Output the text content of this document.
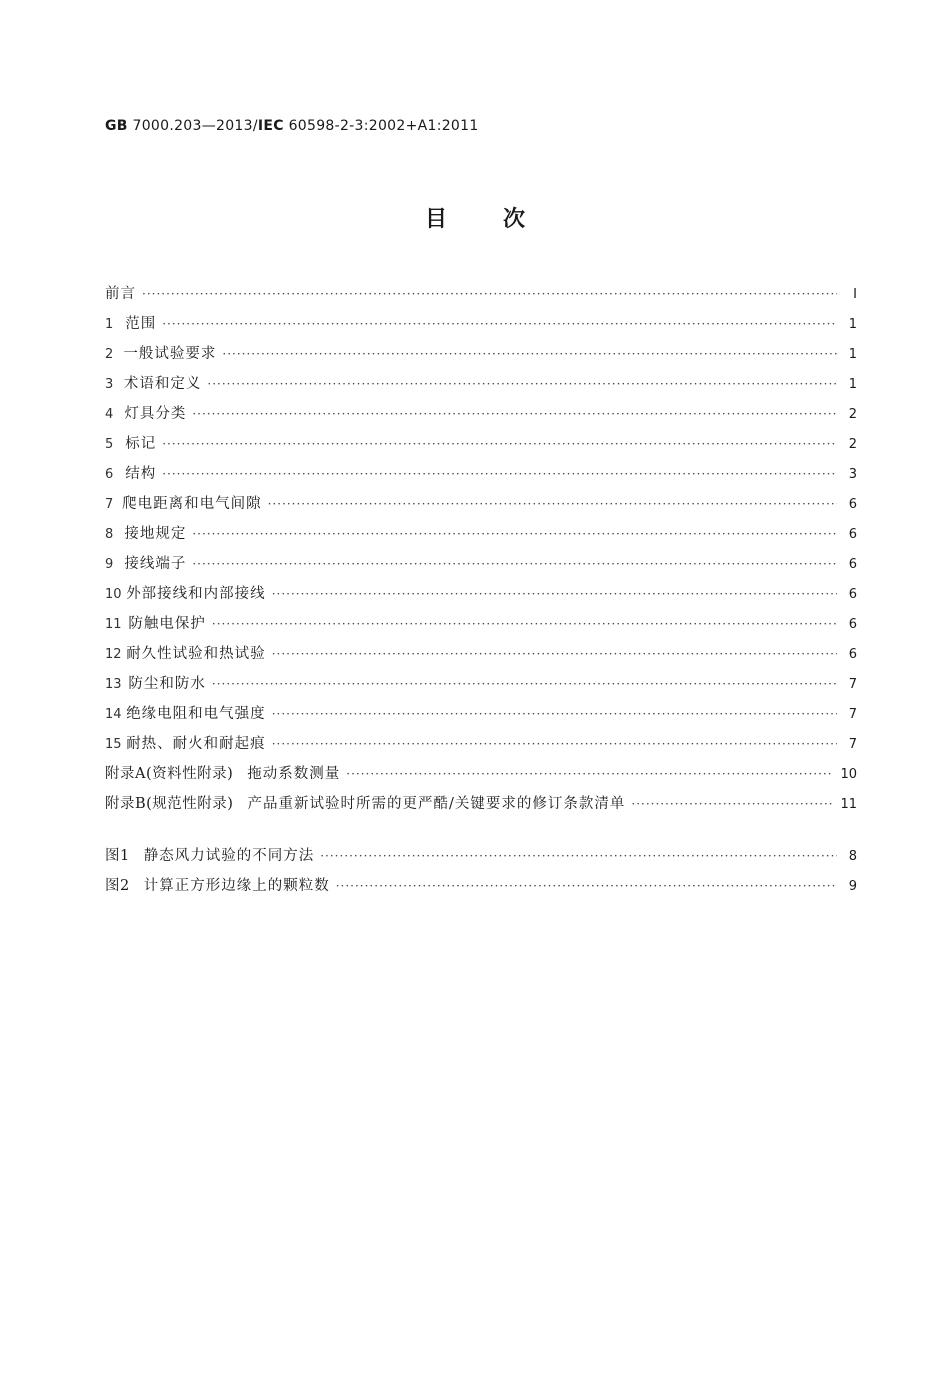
GB 7000.203—2013/IEC 60598-2-3:2002+A1:2011
目次
前言 ·····	I
1 范围 ·····	1
2 一般试验要求 ·····	1
3 术语和定义 ·····	1
4 灯具分类 ·····	2
5 标记 ·····	2
6 结构 ·····	3
7 爬电距离和电气间隙 ·····	6
8 接地规定 ·····	6
9 接线端子 ·····	6
10 外部接线和内部接线 ·····	6
11 防触电保护 ·····	6
12 耐久性试验和热试验 ·····	6
13 防尘和防水 ·····	7
14 绝缘电阻和电气强度 ·····	7
15 耐热、耐火和耐起痕 ·····	7
附录A(资料性附录) 拖动系数测量 ·····	10
附录B(规范性附录) 产品重新试验时所需的更严酷/关键要求的修订条款清单 ·····	11
图1 静态风力试验的不同方法 ·····	8
图2 计算正方形边缘上的颗粒数 ·····	9
